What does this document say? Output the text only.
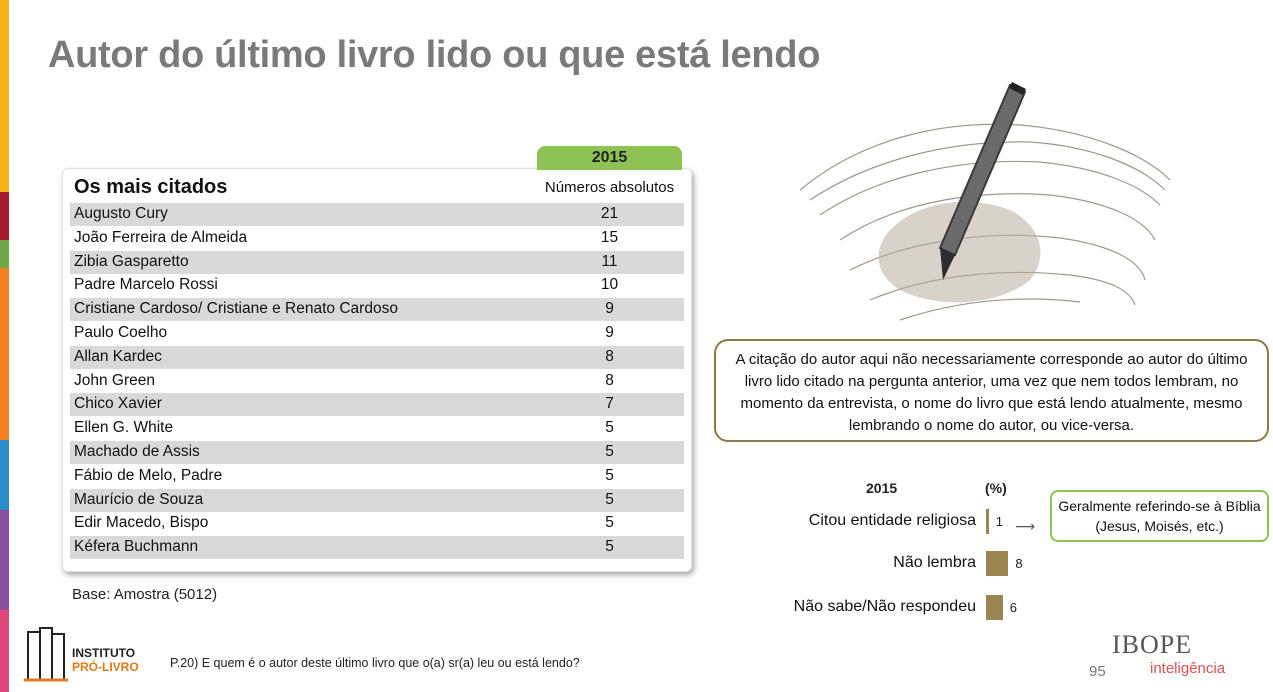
Autor do último livro lido ou que está lendo
2015
Os mais citados	Números absolutos
Augusto Cury	21
João Ferreira de Almeida	15
Zibia Gasparetto	11
Padre Marcelo Rossi	10
Cristiane Cardoso/ Cristiane e Renato Cardoso	9
Paulo Coelho	9
Allan Kardec	8
John Green	8
Chico Xavier	7
Ellen G. White	5
Machado de Assis	5
Fábio de Melo, Padre	5
Maurício de Souza	5
Edir Macedo, Bispo	5
Kéfera Buchmann	5
Base: Amostra (5012)
A citação do autor aqui não necessariamente corresponde ao autor do último livro lido citado na pergunta anterior, uma vez que nem todos lembram, no momento da entrevista, o nome do livro que está lendo atualmente, mesmo lembrando o nome do autor, ou vice-versa.
2015	(%)
Citou entidade religiosa 1
Não lembra	8
Não sabe/Não respondeu	6
⟶
Geralmente referindo-se à Bíblia (Jesus, Moisés, etc.)
INSTITUTO
PRÓ-LIVRO	P.20) E quem é o autor deste último livro que o(a) sr(a) leu ou está lendo?	95
IBOPE
inteligência
